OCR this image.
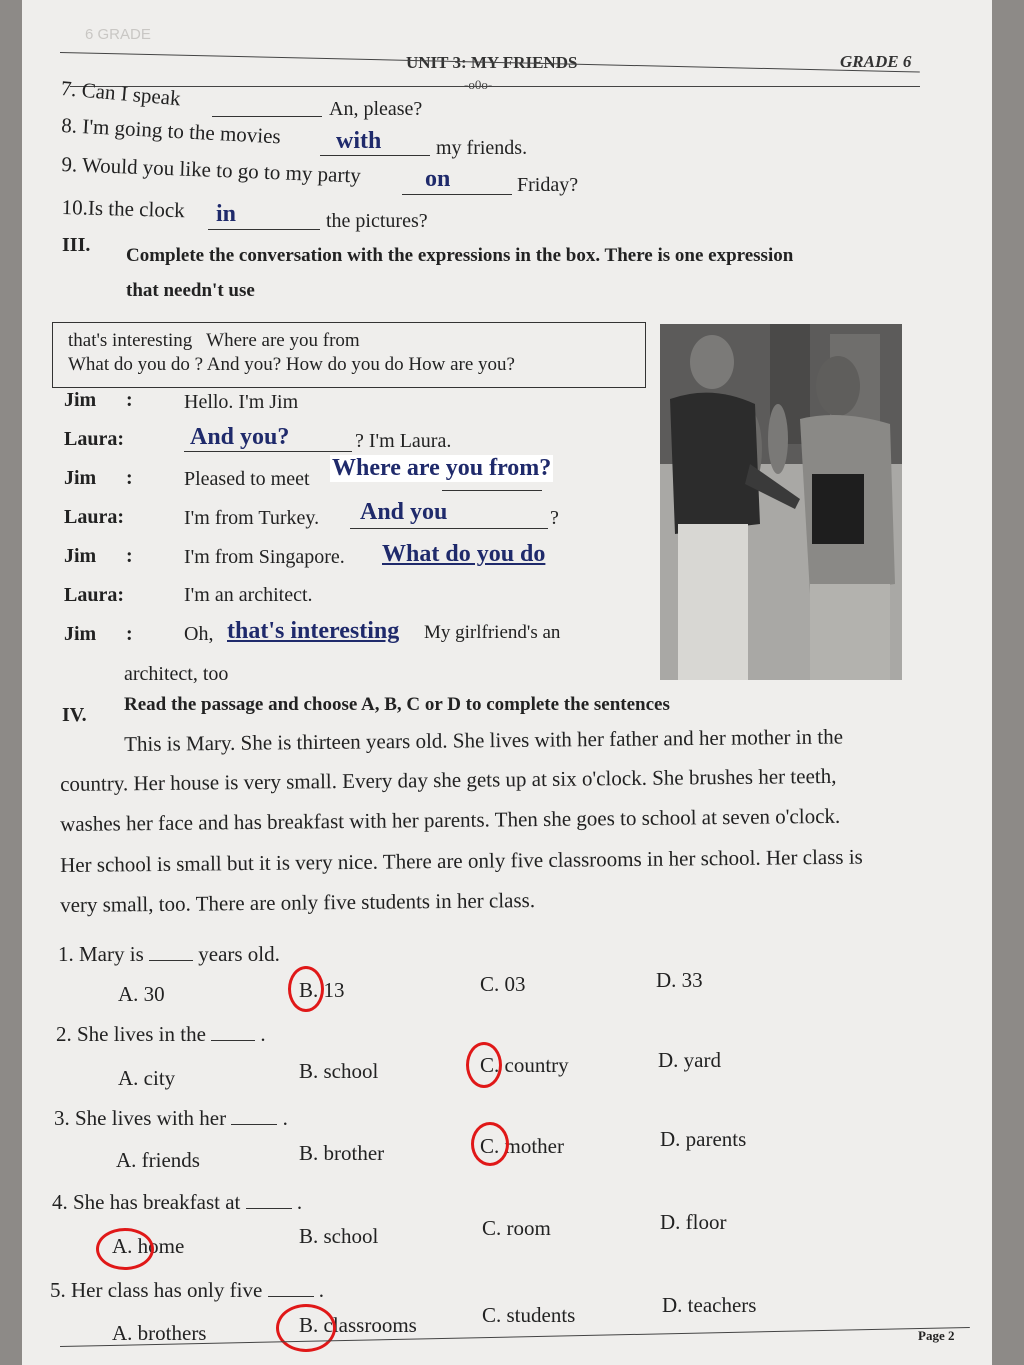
6 GRADE
UNIT 3: MY FRIENDS	GRADE 6
-o0o-
7. Can I speak	An, please?
8. I'm going to the movies with	my friends.
9. Would you like to go to my party	on	Friday?
10.Is the clock in	the pictures?
III. Complete the conversation with the expressions in the box. There is one expression
that needn't use
that's interesting   Where are you from
What do you do ? And you? How do you do How are you?
Jim :	Hello. I'm Jim
Laura:	And you?	? I'm Laura.
Jim :	Pleased to meet Where are you from?
Laura:	I'm from Turkey. And you	?
Jim :	I'm from Singapore. What do you do
Laura:	I'm an architect.
Jim :	Oh, that's interesting My girlfriend's an
architect, too
IV. Read the passage and choose A, B, C or D to complete the sentences
This is Mary. She is thirteen years old. She lives with her father and her mother in the
country. Her house is very small. Every day she gets up at six o'clock. She brushes her teeth,
washes her face and has breakfast with her parents. Then she goes to school at seven o'clock.
Her school is small but it is very nice. There are only five classrooms in her school. Her class is
very small, too. There are only five students in her class.
1. Mary is	years old.
A. 30	B. 13	C. 03	D. 33
2. She lives in the	.
A. city	B. school	C. country	D. yard
3. She lives with her	.
A. friends	B. brother	C. mother	D. parents
4. She has breakfast at	.
A. home	B. school	C. room	D. floor
5. Her class has only five	.
A. brothers	B. classrooms	C. students	D. teachers
Page 2
